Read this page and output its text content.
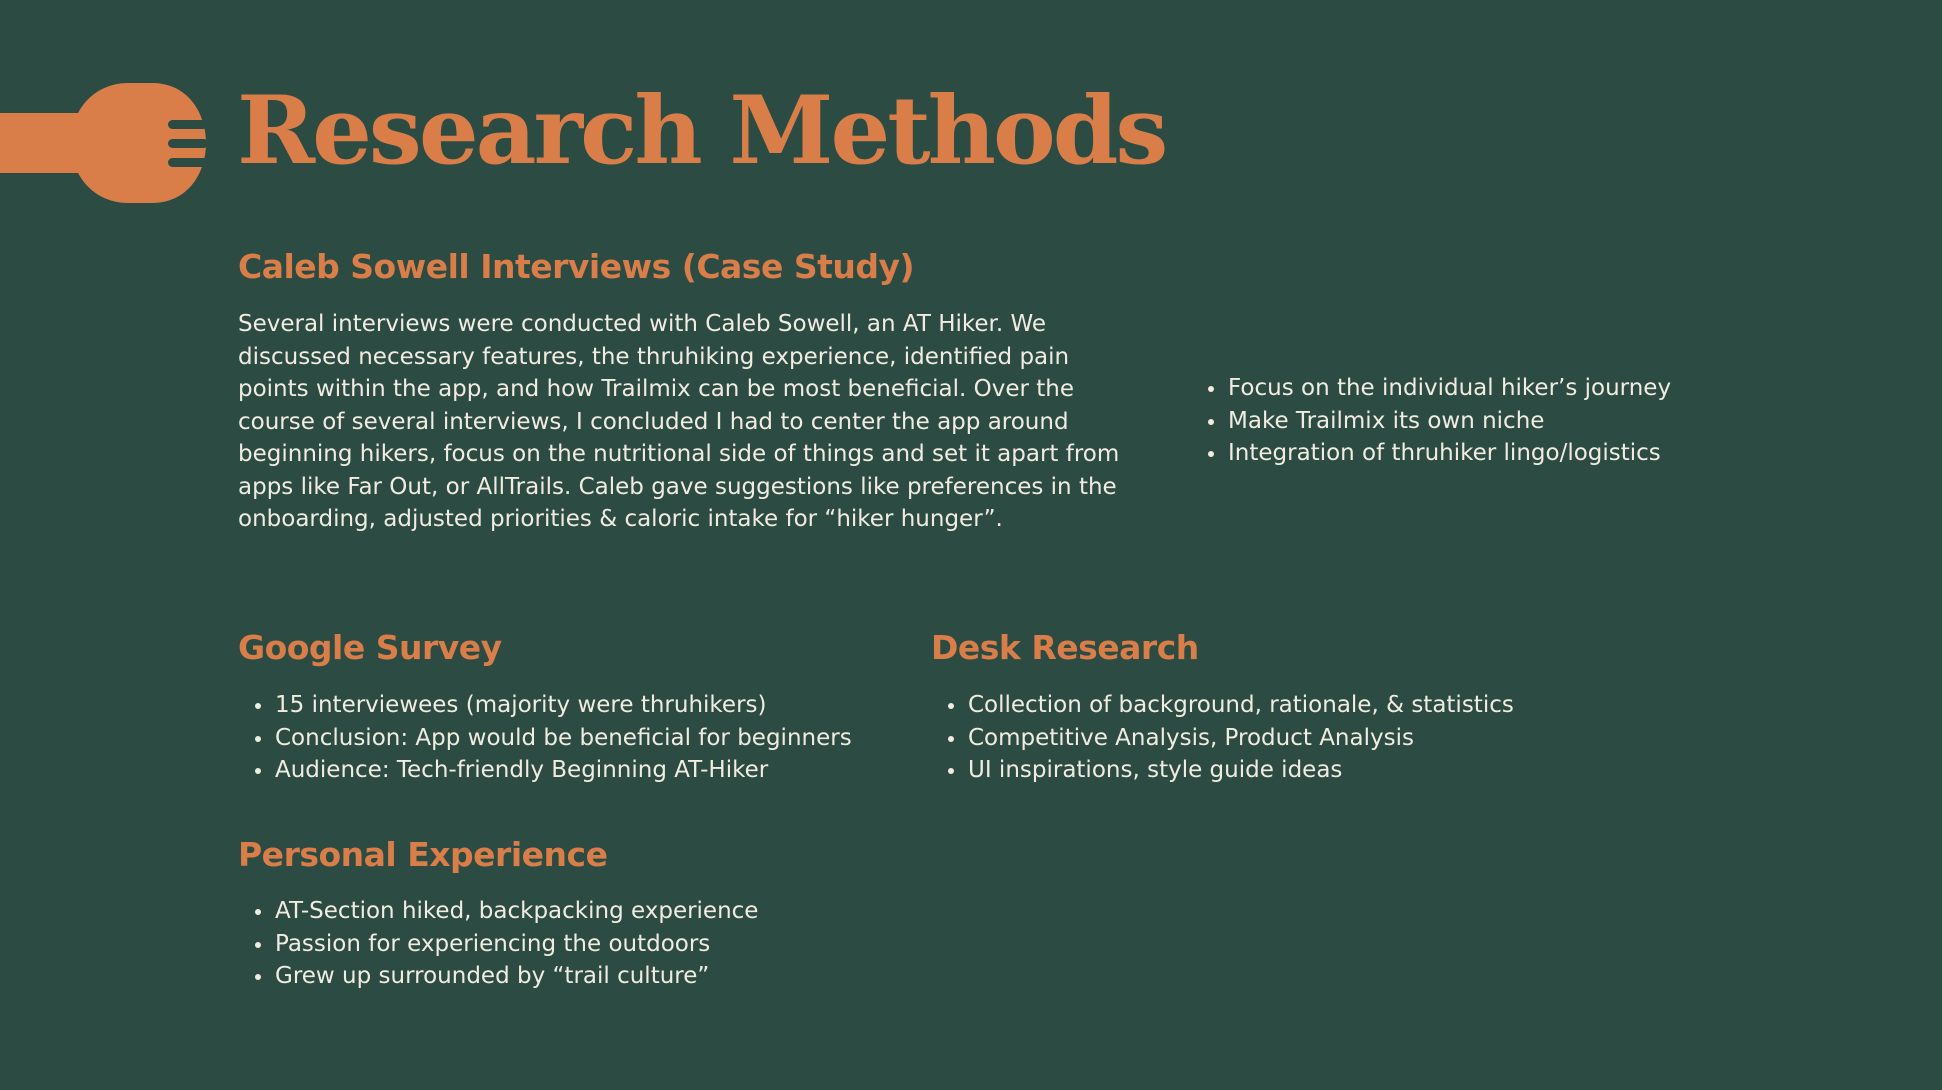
Research Methods
Caleb Sowell Interviews (Case Study)

Several interviews were conducted with Caleb Sowell, an AT Hiker. We discussed necessary features, the thruhiking experience, identified pain points within the app, and how Trailmix can be most beneficial. Over the course of several interviews, I concluded I had to center the app around beginning hikers, focus on the nutritional side of things and set it apart from apps like Far Out, or AllTrails. Caleb gave suggestions like preferences in the onboarding, adjusted priorities & caloric intake for “hiker hunger”.

Focus on the individual hiker’s journey
Make Trailmix its own niche
Integration of thruhiker lingo/logistics
Google Survey
15 interviewees (majority were thruhikers)
Conclusion: App would be beneficial for beginners
Audience: Tech-friendly Beginning AT-Hiker
Desk Research
Collection of background, rationale, & statistics
Competitive Analysis, Product Analysis
UI inspirations, style guide ideas
Personal Experience
AT-Section hiked, backpacking experience
Passion for experiencing the outdoors
Grew up surrounded by “trail culture”
